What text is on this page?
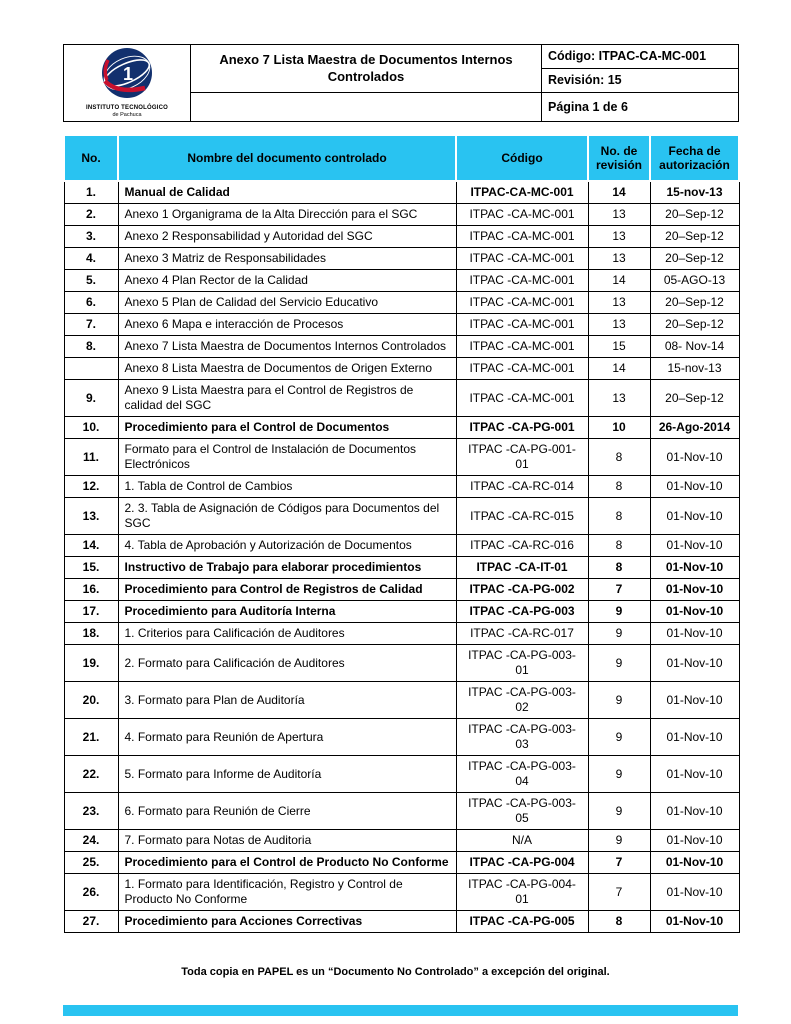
1
INSTITUTO TECNOLÓGICO
de Pachuca

Anexo 7 Lista Maestra de Documentos Internos
Controlados
	Código: ITPAC-CA-MC-001
		Revisión: 15
		Página 1 de 6
No.	Nombre del documento controlado	Código	No. de revisión	Fecha de autorización
1.	Manual de Calidad	ITPAC-CA-MC-001	14	15-nov-13
2.	Anexo 1 Organigrama de la Alta Dirección para el SGC	ITPAC -CA-MC-001	13	20–Sep-12
3.	Anexo 2 Responsabilidad y Autoridad del SGC	ITPAC -CA-MC-001	13	20–Sep-12
4.	Anexo 3 Matriz de Responsabilidades	ITPAC -CA-MC-001	13	20–Sep-12
5.	Anexo 4 Plan Rector de la Calidad	ITPAC -CA-MC-001	14	05-AGO-13
6.	Anexo 5 Plan de Calidad del Servicio Educativo	ITPAC -CA-MC-001	13	20–Sep-12
7.	Anexo 6 Mapa e interacción de Procesos	ITPAC -CA-MC-001	13	20–Sep-12
8.	Anexo 7 Lista Maestra de Documentos Internos Controlados	ITPAC -CA-MC-001	15	08- Nov-14
	Anexo 8 Lista Maestra de Documentos de Origen Externo	ITPAC -CA-MC-001	14	15-nov-13
9.	Anexo 9 Lista Maestra para el Control de Registros de calidad del SGC	ITPAC -CA-MC-001	13	20–Sep-12
10.	Procedimiento para el Control de Documentos	ITPAC -CA-PG-001	10	26-Ago-2014
11.	Formato para el Control de Instalación de Documentos Electrónicos	ITPAC -CA-PG-001-01	8	01-Nov-10
12.	1. Tabla de Control de Cambios	ITPAC -CA-RC-014	8	01-Nov-10
13.	2. 3. Tabla de Asignación de Códigos para Documentos del SGC	ITPAC -CA-RC-015	8	01-Nov-10
14.	4. Tabla de Aprobación y Autorización de Documentos	ITPAC -CA-RC-016	8	01-Nov-10
15.	Instructivo de Trabajo para elaborar procedimientos	ITPAC -CA-IT-01	8	01-Nov-10
16.	Procedimiento para Control de Registros de Calidad	ITPAC -CA-PG-002	7	01-Nov-10
17.	Procedimiento para Auditoría Interna	ITPAC -CA-PG-003	9	01-Nov-10
18.	1. Criterios para Calificación de Auditores	ITPAC -CA-RC-017	9	01-Nov-10
19.	2. Formato para Calificación de Auditores	ITPAC -CA-PG-003-01	9	01-Nov-10
20.	3. Formato para Plan de Auditoría	ITPAC -CA-PG-003-02	9	01-Nov-10
21.	4. Formato para Reunión de Apertura	ITPAC -CA-PG-003-03	9	01-Nov-10
22.	5. Formato para Informe de Auditoría	ITPAC -CA-PG-003-04	9	01-Nov-10
23.	6. Formato para Reunión de Cierre	ITPAC -CA-PG-003-05	9	01-Nov-10
24.	7. Formato para Notas de Auditoria	N/A	9	01-Nov-10
25.	Procedimiento para el Control de Producto No Conforme	ITPAC -CA-PG-004	7	01-Nov-10
26.	1. Formato para Identificación, Registro y Control de Producto No Conforme	ITPAC -CA-PG-004-01	7	01-Nov-10
27.	Procedimiento para Acciones Correctivas	ITPAC -CA-PG-005	8	01-Nov-10
Toda copia en PAPEL es un “Documento No Controlado” a excepción del original.
